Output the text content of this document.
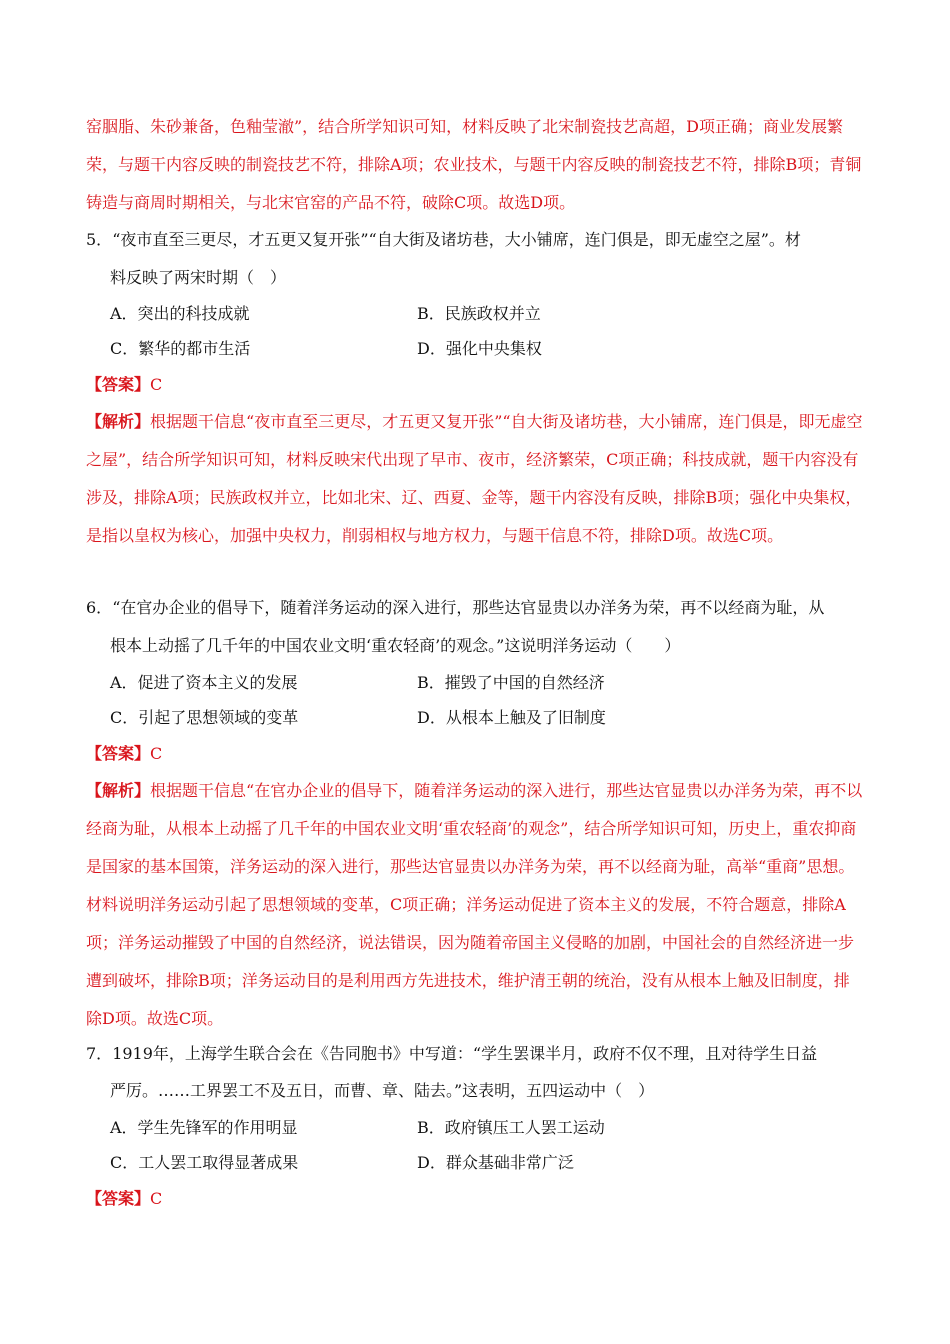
窑胭脂、朱砂兼备，色釉莹澈”，结合所学知识可知，材料反映了北宋制瓷技艺高超，D项正确；商业发展繁荣，与题干内容反映的制瓷技艺不符，排除A项；农业技术，与题干内容反映的制瓷技艺不符，排除B项；青铜铸造与商周时期相关，与北宋官窑的产品不符，破除C项。故选D项。

5．“夜市直至三更尽，才五更又复开张”“自大街及诸坊巷，大小铺席，连门俱是，即无虚空之屋”。材

料反映了两宋时期（　）

A．突出的科技成就	B．民族政权并立
C．繁华的都市生活	D．强化中央集权

【答案】C

【解析】根据题干信息“夜市直至三更尽，才五更又复开张”“自大街及诸坊巷，大小铺席，连门俱是，即无虚空之屋”，结合所学知识可知，材料反映宋代出现了早市、夜市，经济繁荣，C项正确；科技成就，题干内容没有涉及，排除A项；民族政权并立，比如北宋、辽、西夏、金等，题干内容没有反映，排除B项；强化中央集权，是指以皇权为核心，加强中央权力，削弱相权与地方权力，与题干信息不符，排除D项。故选C项。

6．“在官办企业的倡导下，随着洋务运动的深入进行，那些达官显贵以办洋务为荣，再不以经商为耻，从

根本上动摇了几千年的中国农业文明‘重农轻商’的观念。”这说明洋务运动（　　）

A．促进了资本主义的发展	B．摧毁了中国的自然经济
C．引起了思想领域的变革	D．从根本上触及了旧制度

【答案】C

【解析】根据题干信息“在官办企业的倡导下，随着洋务运动的深入进行，那些达官显贵以办洋务为荣，再不以经商为耻，从根本上动摇了几千年的中国农业文明‘重农轻商’的观念”，结合所学知识可知，历史上，重农抑商是国家的基本国策，洋务运动的深入进行，那些达官显贵以办洋务为荣，再不以经商为耻，高举“重商”思想。材料说明洋务运动引起了思想领域的变革，C项正确；洋务运动促进了资本主义的发展，不符合题意，排除A项；洋务运动摧毁了中国的自然经济，说法错误，因为随着帝国主义侵略的加剧，中国社会的自然经济进一步遭到破坏，排除B项；洋务运动目的是利用西方先进技术，维护清王朝的统治，没有从根本上触及旧制度，排除D项。故选C项。

7．1919年，上海学生联合会在《告同胞书》中写道：“学生罢课半月，政府不仅不理，且对待学生日益

严厉。……工界罢工不及五日，而曹、章、陆去。”这表明，五四运动中（　）

A．学生先锋军的作用明显	B．政府镇压工人罢工运动
C．工人罢工取得显著成果	D．群众基础非常广泛

【答案】C
